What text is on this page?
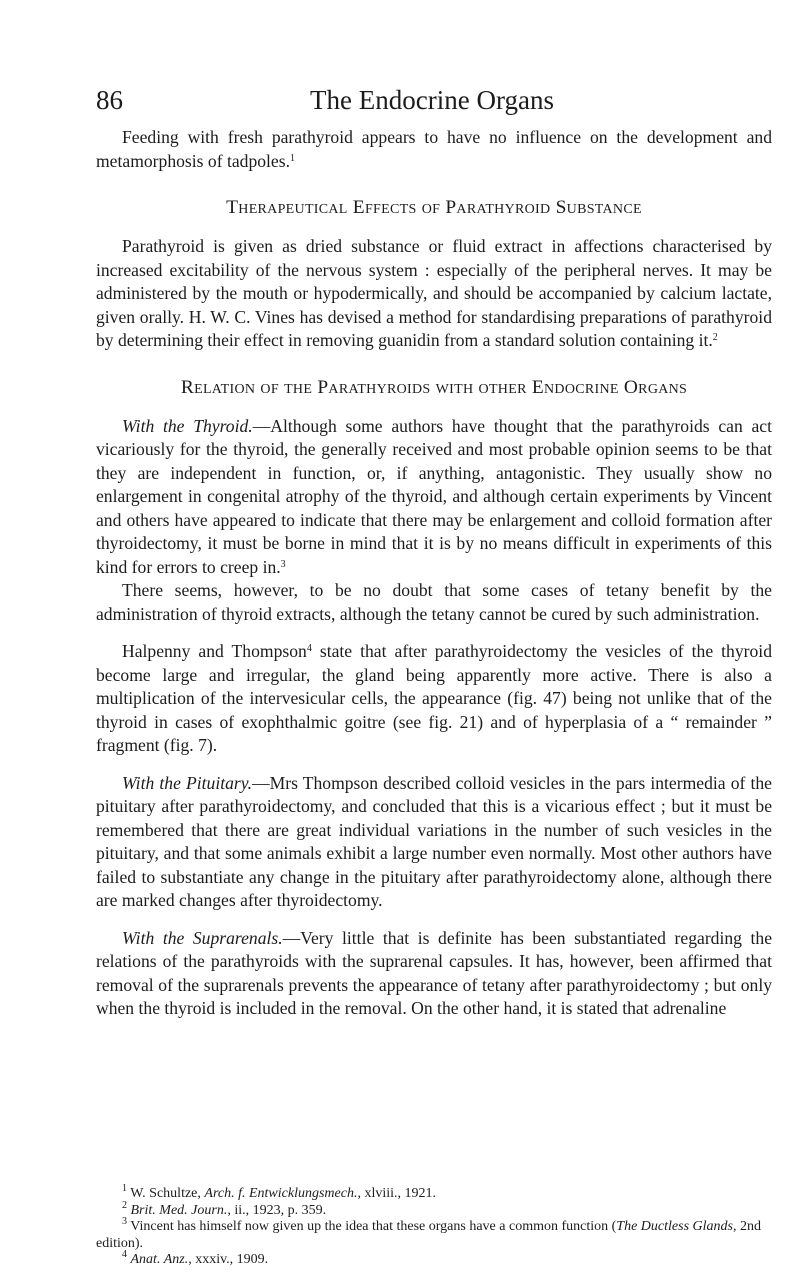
86	The Endocrine Organs

Feeding with fresh parathyroid appears to have no influence on the development and metamorphosis of tadpoles.$^1$

Therapeutical Effects of Parathyroid Substance

Parathyroid is given as dried substance or fluid extract in affections characterised by increased excitability of the nervous system : especially of the peripheral nerves. It may be administered by the mouth or hypodermically, and should be accompanied by calcium lactate, given orally. H. W. C. Vines has devised a method for standardising preparations of parathyroid by determining their effect in removing guanidin from a standard solution containing it.$^2$

Relation of the Parathyroids with other Endocrine Organs

With the Thyroid.—Although some authors have thought that the parathyroids can act vicariously for the thyroid, the generally received and most probable opinion seems to be that they are independent in function, or, if anything, antagonistic. They usually show no enlargement in congenital atrophy of the thyroid, and although certain experiments by Vincent and others have appeared to indicate that there may be enlargement and colloid formation after thyroidectomy, it must be borne in mind that it is by no means difficult in experiments of this kind for errors to creep in.$^3$

There seems, however, to be no doubt that some cases of tetany benefit by the administration of thyroid extracts, although the tetany cannot be cured by such administration.

Halpenny and Thompson$^4$ state that after parathyroidectomy the vesicles of the thyroid become large and irregular, the gland being apparently more active. There is also a multiplication of the intervesicular cells, the appearance (fig. 47) being not unlike that of the thyroid in cases of exophthalmic goitre (see fig. 21) and of hyperplasia of a “ remainder ” fragment (fig. 7).

With the Pituitary.—Mrs Thompson described colloid vesicles in the pars intermedia of the pituitary after parathyroidectomy, and concluded that this is a vicarious effect ; but it must be remembered that there are great individual variations in the number of such vesicles in the pituitary, and that some animals exhibit a large number even normally. Most other authors have failed to substantiate any change in the pituitary after parathyroidectomy alone, although there are marked changes after thyroidectomy.

With the Suprarenals.—Very little that is definite has been substantiated regarding the relations of the parathyroids with the suprarenal capsules. It has, however, been affirmed that removal of the suprarenals prevents the appearance of tetany after parathyroidectomy ; but only when the thyroid is included in the removal. On the other hand, it is stated that adrenaline

$^1$ W. Schultze, Arch. f. Entwicklungsmech., xlviii., 1921.

$^2$ Brit. Med. Journ., ii., 1923, p. 359.

$^3$ Vincent has himself now given up the idea that these organs have a common function (The Ductless Glands, 2nd edition).

$^4$ Anat. Anz., xxxiv., 1909.
